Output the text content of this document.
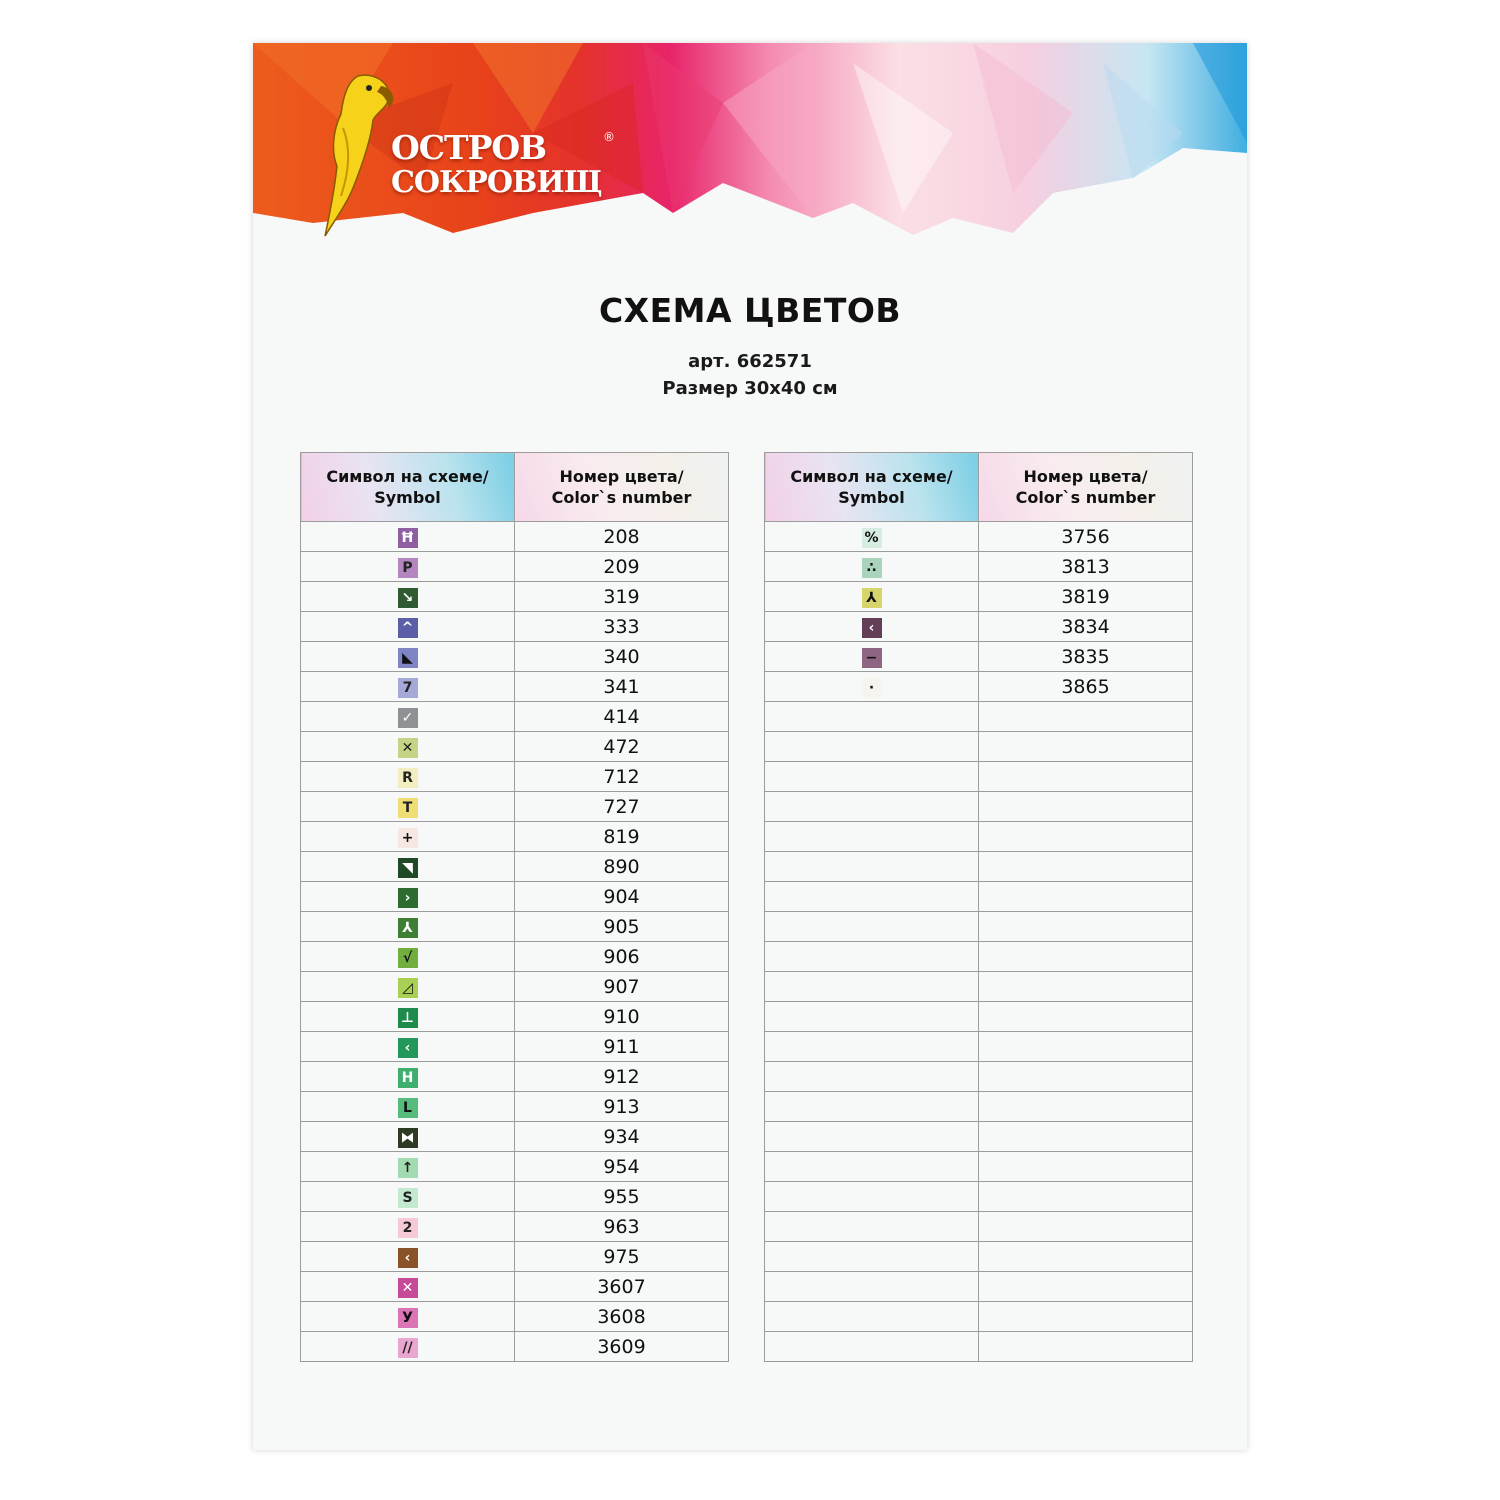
ОСТРОВ
СОКРОВИЩ
®
СХЕМА ЦВЕТОВ
арт. 662571
Размер 30х40 см
Символ на схеме/
Symbol	Номер цвета/
Color`s number
Ħ	208
P	209
↘	319
^	333
◣	340
7	341
✓	414
✕	472
R	712
T	727
+	819
◥	890
›	904
⅄	905
√	906
◿	907
⊥	910
‹	911
H	912
L	913
⧓	934
↑	954
S	955
2	963
‹	975
✕	3607
У	3608
//	3609
Символ на схеме/
Symbol	Номер цвета/
Color`s number
%	3756
∴	3813
⅄	3819
‹	3834
−	3835
·	3865
